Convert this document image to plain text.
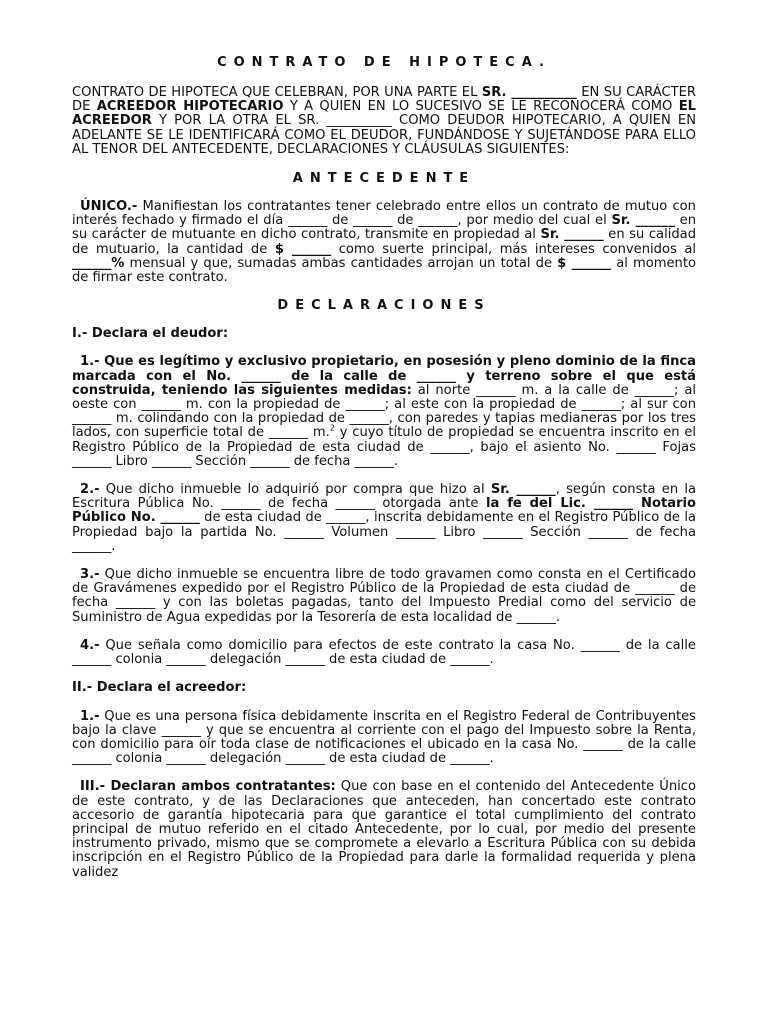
CONTRATO DE HIPOTECA.

CONTRATO DE HIPOTECA QUE CELEBRAN, POR UNA PARTE EL SR. __________ EN SU CARÁCTER DE ACREEDOR HIPOTECARIO Y A QUIEN EN LO SUCESIVO SE LE RECONOCERÁ COMO EL ACREEDOR Y POR LA OTRA EL SR. __________ COMO DEUDOR HIPOTECARIO, A QUIEN EN ADELANTE SE LE IDENTIFICARÁ COMO EL DEUDOR, FUNDÁNDOSE Y SUJETÁNDOSE PARA ELLO AL TENOR DEL ANTECEDENTE, DECLARACIONES Y CLÁUSULAS SIGUIENTES:

ANTECEDENTE

ÚNICO.- Manifiestan los contratantes tener celebrado entre ellos un contrato de mutuo con interés fechado y firmado el día ______ de ______ de ______, por medio del cual el Sr. ______ en su carácter de mutuante en dicho contrato, transmite en propiedad al Sr. ______ en su calidad de mutuario, la cantidad de $ ______ como suerte principal, más intereses convenidos al ______% mensual y que, sumadas ambas cantidades arrojan un total de $ ______ al momento de firmar este contrato.

DECLARACIONES

I.- Declara el deudor:

1.- Que es legítimo y exclusivo propietario, en posesión y pleno dominio de la finca marcada con el No. ______ de la calle de ______ y terreno sobre el que está construida, teniendo las siguientes medidas: al norte ______ m. a la calle de ______; al oeste con ______ m. con la propiedad de ______; al este con la propiedad de ______; al sur con ______ m. colindando con la propiedad de ______, con paredes y tapias medianeras por los tres lados, con superficie total de ______ m.$^2$ y cuyo título de propiedad se encuentra inscrito en el Registro Público de la Propiedad de esta ciudad de ______, bajo el asiento No. ______ Fojas ______ Libro ______ Sección ______ de fecha ______.

2.- Que dicho inmueble lo adquirió por compra que hizo al Sr. ______, según consta en la Escritura Pública No. ______ de fecha ______ otorgada ante la fe del Lic. ______ Notario Público No. ______ de esta ciudad de ______, inscrita debidamente en el Registro Público de la Propiedad bajo la partida No. ______ Volumen ______ Libro ______ Sección ______ de fecha ______.

3.- Que dicho inmueble se encuentra libre de todo gravamen como consta en el Certificado de Gravámenes expedido por el Registro Público de la Propiedad de esta ciudad de ______ de fecha ______ y con las boletas pagadas, tanto del Impuesto Predial como del servicio de Suministro de Agua expedidas por la Tesorería de esta localidad de ______.

4.- Que señala como domicilio para efectos de este contrato la casa No. ______ de la calle ______ colonia ______ delegación ______ de esta ciudad de ______.

II.- Declara el acreedor:

1.- Que es una persona física debidamente inscrita en el Registro Federal de Contribuyentes bajo la clave ______ y que se encuentra al corriente con el pago del Impuesto sobre la Renta, con domicilio para oír toda clase de notificaciones el ubicado en la casa No. ______ de la calle ______ colonia ______ delegación ______ de esta ciudad de ______.

III.- Declaran ambos contratantes: Que con base en el contenido del Antecedente Único de este contrato, y de las Declaraciones que anteceden, han concertado este contrato accesorio de garantía hipotecaria para que garantice el total cumplimiento del contrato principal de mutuo referido en el citado Antecedente, por lo cual, por medio del presente instrumento privado, mismo que se compromete a elevarlo a Escritura Pública con su debida inscripción en el Registro Público de la Propiedad para darle la formalidad requerida y plena validez
